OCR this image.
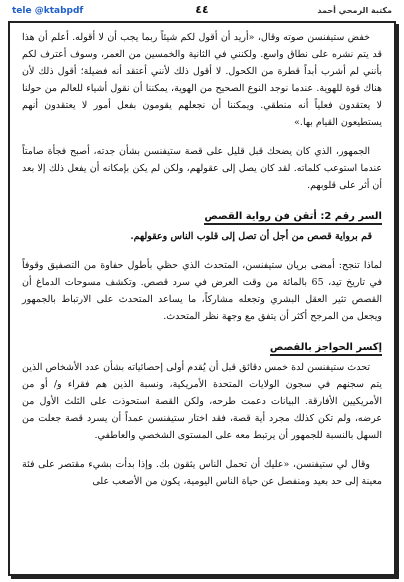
tele @ktabpdf	٤٤	مكتبة الرمحي أحمد

خفض ستيفنسن صوته وقال، «أريد أن أقول لكم شيئاً ربما يجب أن لا أقوله. أعلم أن هذا قد يتم نشره على نطاق واسع. ولكنني في الثانية والخمسين من العمر، وسوف أعترف لكم بأنني لم أشرب أبداً قطرة من الكحول. لا أقول ذلك لأنني أعتقد أنه فضيلة؛ أقول ذلك لأن هناك قوة للهوية. عندما نوجد النوع الصحيح من الهوية، يمكننا أن نقول أشياء للعالم من حولنا لا يعتقدون فعلياً أنه منطقي. ويمكننا أن نجعلهم يقومون بفعل أمور لا يعتقدون أنهم يستطيعون القيام بها.»

الجمهور، الذي كان يضحك قبل قليل على قصة ستيفنسن بشأن جدته، أصبح فجأة صامتاً عندما استوعب كلماته. لقد كان يصل إلى عقولهم، ولكن لم يكن بإمكانه أن يفعل ذلك إلا بعد أن أثر على قلوبهم.

السر رقم 2: أتقن فن رواية القصص

قم برواية قصص من أجل أن تصل إلى قلوب الناس وعقولهم.

لماذا تنجح: أمضى بريان ستيفنسن، المتحدث الذي حظي بأطول حفاوة من التصفيق وقوفاً في تاريخ تيد، 65 بالمائة من وقت العرض في سرد قصص. وتكشف مسوحات الدماغ أن القصص تثير العقل البشري وتجعله مشاركاً، ما يساعد المتحدث على الارتباط بالجمهور ويجعل من المرجح أكثر أن يتفق مع وجهة نظر المتحدث.

إكسر الحواجز بالقصص

تحدث ستيفنسن لدة خمس دقائق قبل أن يُقدم أولى إحصائياته بشأن عدد الأشخاص الذين يتم سجنهم في سجون الولايات المتحدة الأمريكية، ونسبة الذين هم فقراء و/ أو من الأمريكيين الأفارقة. البيانات دعمت طرحه، ولكن القصة استحوذت على الثلث الأول من عرضه، ولم تكن كذلك مجرد أية قصة، فقد اختار ستيفنسن عمداً أن يسرد قصة جعلت من السهل بالنسبة للجمهور أن يرتبط معه على المستوى الشخصي والعاطفي.

وقال لي ستيفنسن، «عليك أن تحمل الناس يثقون بك. وإذا بدأت بشيء مقتصر على فئة معينة إلى حد بعيد ومنفصل عن حياة الناس اليومية، يكون من الأصعب على
